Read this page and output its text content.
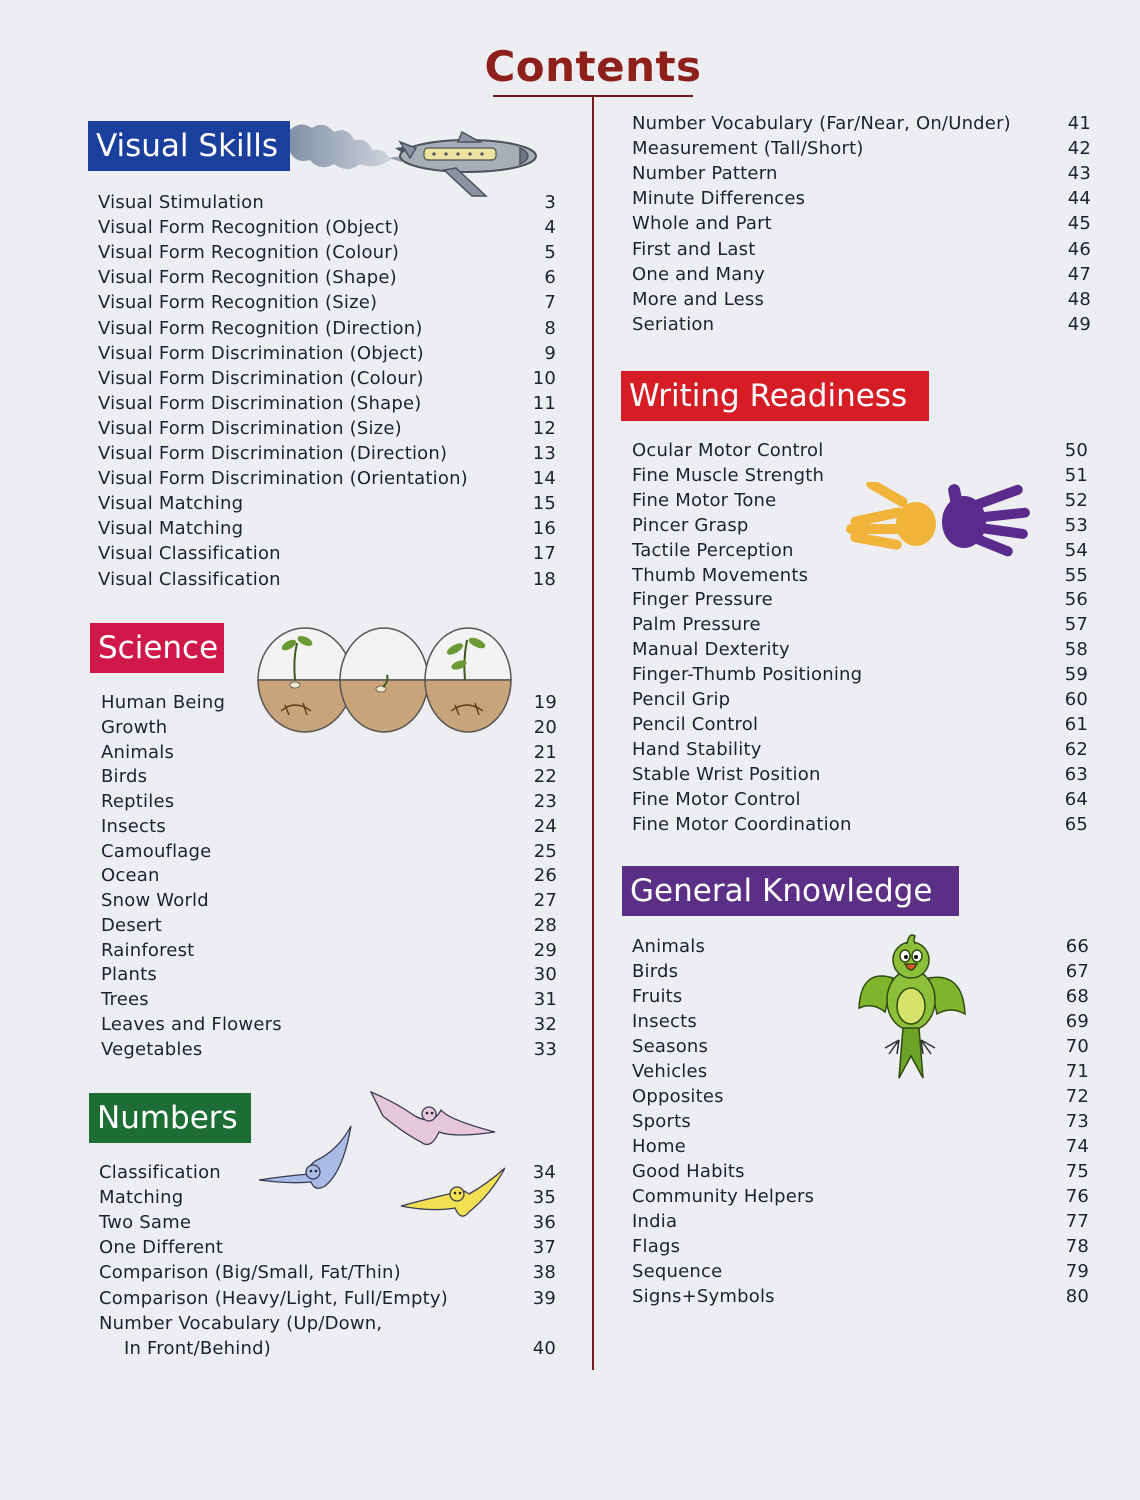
Contents
Visual Skills
Science
Numbers
Writing Readiness
General Knowledge
Visual Stimulation	3
Visual Form Recognition (Object)	4
Visual Form Recognition (Colour)	5
Visual Form Recognition (Shape)	6
Visual Form Recognition (Size)	7
Visual Form Recognition (Direction)	8
Visual Form Discrimination (Object)	9
Visual Form Discrimination (Colour)	10
Visual Form Discrimination (Shape)	11
Visual Form Discrimination (Size)	12
Visual Form Discrimination (Direction)	13
Visual Form Discrimination (Orientation)	14
Visual Matching	15
Visual Matching	16
Visual Classification	17
Visual Classification	18
Human Being	19
Growth	20
Animals	21
Birds	22
Reptiles	23
Insects	24
Camouflage	25
Ocean	26
Snow World	27
Desert	28
Rainforest	29
Plants	30
Trees	31
Leaves and Flowers	32
Vegetables	33
Classification	34
Matching	35
Two Same	36
One Different	37
Comparison (Big/Small, Fat/Thin)	38
Comparison (Heavy/Light, Full/Empty)	39
Number Vocabulary (Up/Down,
In Front/Behind)	40
Number Vocabulary (Far/Near, On/Under)	41
Measurement (Tall/Short)	42
Number Pattern	43
Minute Differences	44
Whole and Part	45
First and Last	46
One and Many	47
More and Less	48
Seriation	49
Ocular Motor Control	50
Fine Muscle Strength	51
Fine Motor Tone	52
Pincer Grasp	53
Tactile Perception	54
Thumb Movements	55
Finger Pressure	56
Palm Pressure	57
Manual Dexterity	58
Finger-Thumb Positioning	59
Pencil Grip	60
Pencil Control	61
Hand Stability	62
Stable Wrist Position	63
Fine Motor Control	64
Fine Motor Coordination	65
Animals	66
Birds	67
Fruits	68
Insects	69
Seasons	70
Vehicles	71
Opposites	72
Sports	73
Home	74
Good Habits	75
Community Helpers	76
India	77
Flags	78
Sequence	79
Signs+Symbols	80
